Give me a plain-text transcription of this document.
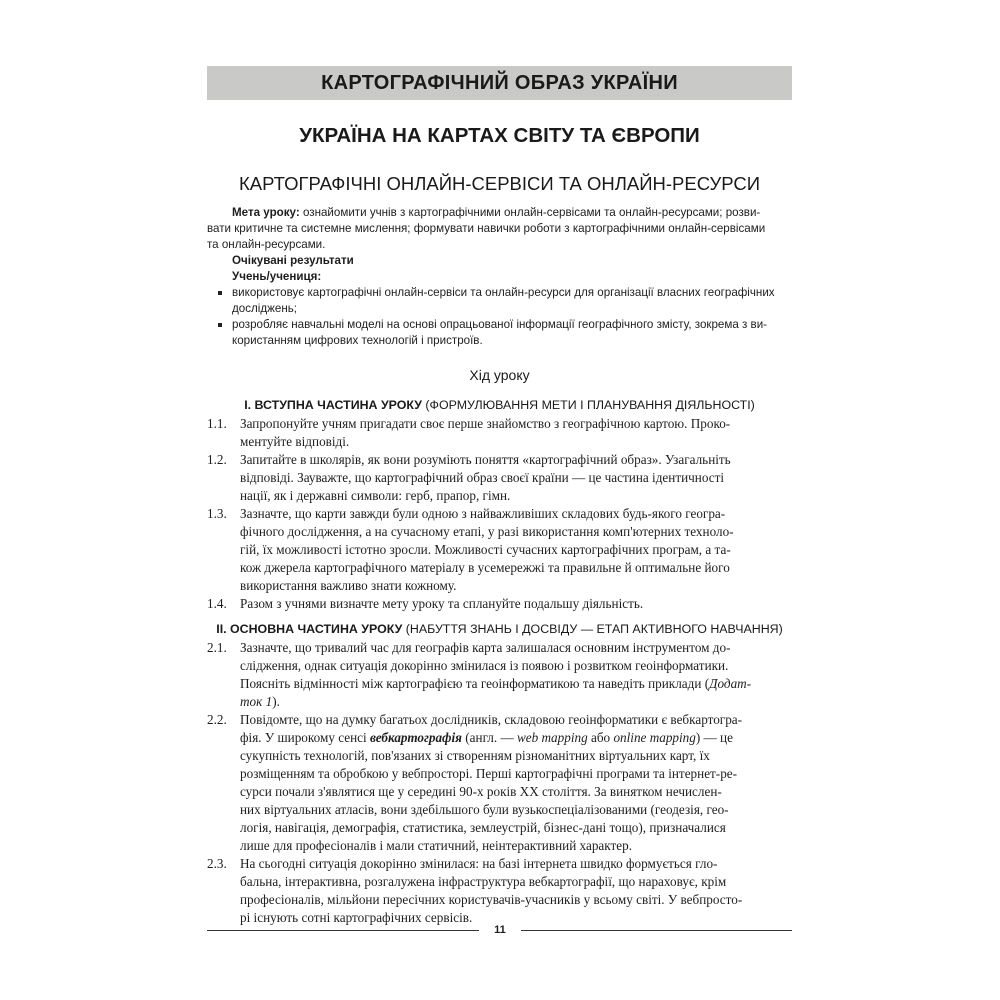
КАРТОГРАФІЧНИЙ ОБРАЗ УКРАЇНИ
УКРАЇНА НА КАРТАХ СВІТУ ТА ЄВРОПИ
КАРТОГРАФІЧНІ ОНЛАЙН-СЕРВІСИ ТА ОНЛАЙН-РЕСУРСИ
Мета уроку: ознайомити учнів з картографічними онлайн-сервісами та онлайн-ресурсами; розви-
вати критичне та системне мислення; формувати навички роботи з картографічними онлайн-сервісами
та онлайн-ресурсами.
Очікувані результати
Учень/учениця:
використовує картографічні онлайн-сервіси та онлайн-ресурси для організації власних географічних
досліджень;
розробляє навчальні моделі на основі опрацьованої інформації географічного змісту, зокрема з ви-
користанням цифрових технологій і пристроїв.
Хід уроку
I. ВСТУПНА ЧАСТИНА УРОКУ (ФОРМУЛЮВАННЯ МЕТИ І ПЛАНУВАННЯ ДІЯЛЬНОСТІ)
1.1. Запропонуйте учням пригадати своє перше знайомство з географічною картою. Проко-
ментуйте відповіді.
1.2. Запитайте в школярів, як вони розуміють поняття «картографічний образ». Узагальніть
відповіді. Зауважте, що картографічний образ своєї країни — це частина ідентичності
нації, як і державні символи: герб, прапор, гімн.
1.3. Зазначте, що карти завжди були одною з найважливіших складових будь-якого геогра-
фічного дослідження, а на сучасному етапі, у разі використання комп'ютерних техноло-
гій, їх можливості істотно зросли. Можливості сучасних картографічних програм, а та-
кож джерела картографічного матеріалу в усемережжі та правильне й оптимальне його
використання важливо знати кожному.
1.4. Разом з учнями визначте мету уроку та сплануйте подальшу діяльність.
II. ОСНОВНА ЧАСТИНА УРОКУ (НАБУТТЯ ЗНАНЬ І ДОСВІДУ — ЕТАП АКТИВНОГО НАВЧАННЯ)
2.1. Зазначте, що тривалий час для географів карта залишалася основним інструментом до-
слідження, однак ситуація докорінно змінилася із появою і розвитком геоінформатики.
Поясніть відмінності між картографією та геоінформатикою та наведіть приклади (Додат-
ток 1).
2.2. Повідомте, що на думку багатьох дослідників, складовою геоінформатики є вебкартогра-
фія. У широкому сенсі вебкартографія (англ. — web mapping або online mapping) — це
сукупність технологій, пов'язаних зі створенням різноманітних віртуальних карт, їх
розміщенням та обробкою у вебпросторі. Перші картографічні програми та інтернет-ре-
сурси почали з'являтися ще у середині 90-х років XX століття. За винятком нечислен-
них віртуальних атласів, вони здебільшого були вузькоспеціалізованими (геодезія, гео-
логія, навігація, демографія, статистика, землеустрій, бізнес-дані тощо), призначалися
лише для професіоналів і мали статичний, неінтерактивний характер.
2.3. На сьогодні ситуація докорінно змінилася: на базі інтернета швидко формується гло-
бальна, інтерактивна, розгалужена інфраструктура вебкартографії, що нараховує, крім
професіоналів, мільйони пересічних користувачів-учасників у всьому світі. У вебпросто-
рі існують сотні картографічних сервісів.
11
